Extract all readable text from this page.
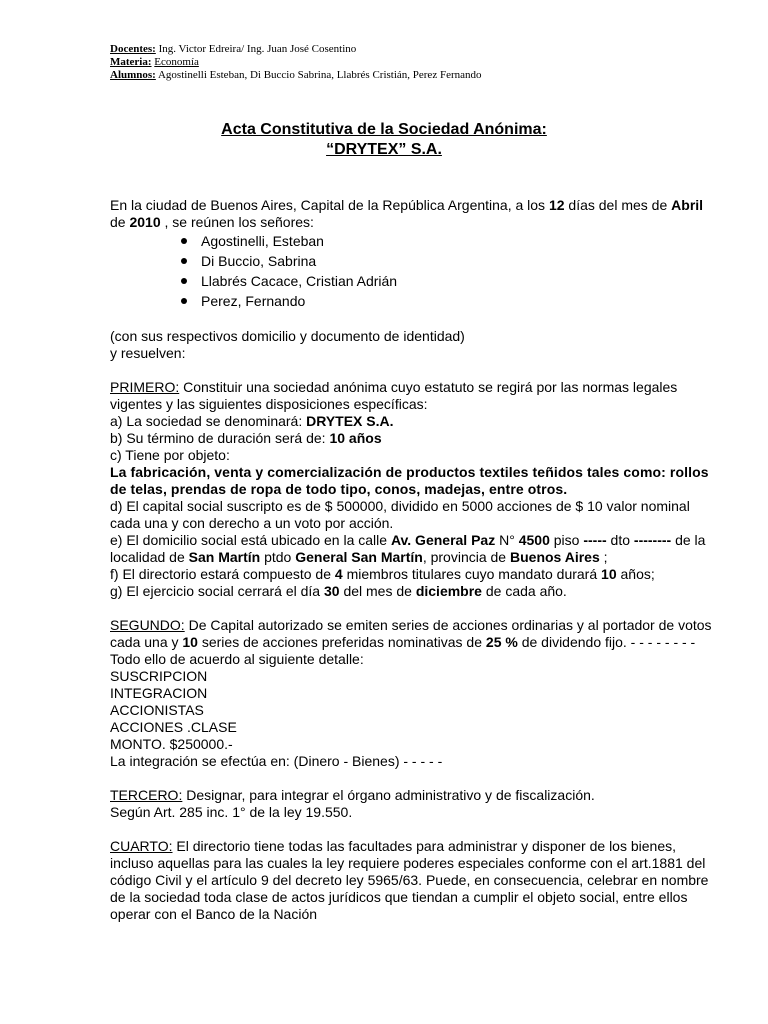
Docentes: Ing. Victor Edreira/ Ing. Juan José Cosentino
Materia: Economía
Alumnos: Agostinelli Esteban, Di Buccio Sabrina, Llabrés Cristián, Perez Fernando
Acta Constitutiva de la Sociedad Anónima:
“DRYTEX” S.A.

En la ciudad de Buenos Aires, Capital de la República Argentina, a los 12 días del mes de Abril de 2010 , se reúnen los señores:

Agostinelli, Esteban
Di Buccio, Sabrina
Llabrés Cacace, Cristian Adrián
Perez, Fernando

(con sus respectivos domicilio y documento de identidad)

y resuelven:

PRIMERO: Constituir una sociedad anónima cuyo estatuto se regirá por las normas legales vigentes y las siguientes disposiciones específicas:

a) La sociedad se denominará: DRYTEX S.A.

b) Su término de duración será de: 10 años

c) Tiene por objeto:

La fabricación, venta y comercialización de productos textiles teñidos tales como: rollos de telas, prendas de ropa de todo tipo, conos, madejas, entre otros.

d) El capital social suscripto es de $ 500000, dividido en 5000 acciones de $ 10 valor nominal cada una y con derecho a un voto por acción.

e) El domicilio social está ubicado en la calle Av. General Paz N° 4500 piso ----- dto -------- de la localidad de San Martín ptdo General San Martín, provincia de Buenos Aires ;

f) El directorio estará compuesto de 4 miembros titulares cuyo mandato durará 10 años;

g) El ejercicio social cerrará el día 30 del mes de diciembre de cada año.

SEGUNDO: De Capital autorizado se emiten series de acciones ordinarias y al portador de votos cada una y 10 series de acciones preferidas nominativas de 25 % de dividendo fijo. - - - - - - - - Todo ello de acuerdo al siguiente detalle:

SUSCRIPCION

INTEGRACION

ACCIONISTAS

ACCIONES .CLASE

MONTO. $250000.-

La integración se efectúa en: (Dinero - Bienes) - - - - -

TERCERO: Designar, para integrar el órgano administrativo y de fiscalización.

Según Art. 285 inc. 1° de la ley 19.550.

CUARTO: El directorio tiene todas las facultades para administrar y disponer de los bienes, incluso aquellas para las cuales la ley requiere poderes especiales conforme con el art.1881 del código Civil y el artículo 9 del decreto ley 5965/63. Puede, en consecuencia, celebrar en nombre de la sociedad toda clase de actos jurídicos que tiendan a cumplir el objeto social, entre ellos operar con el Banco de la Nación
